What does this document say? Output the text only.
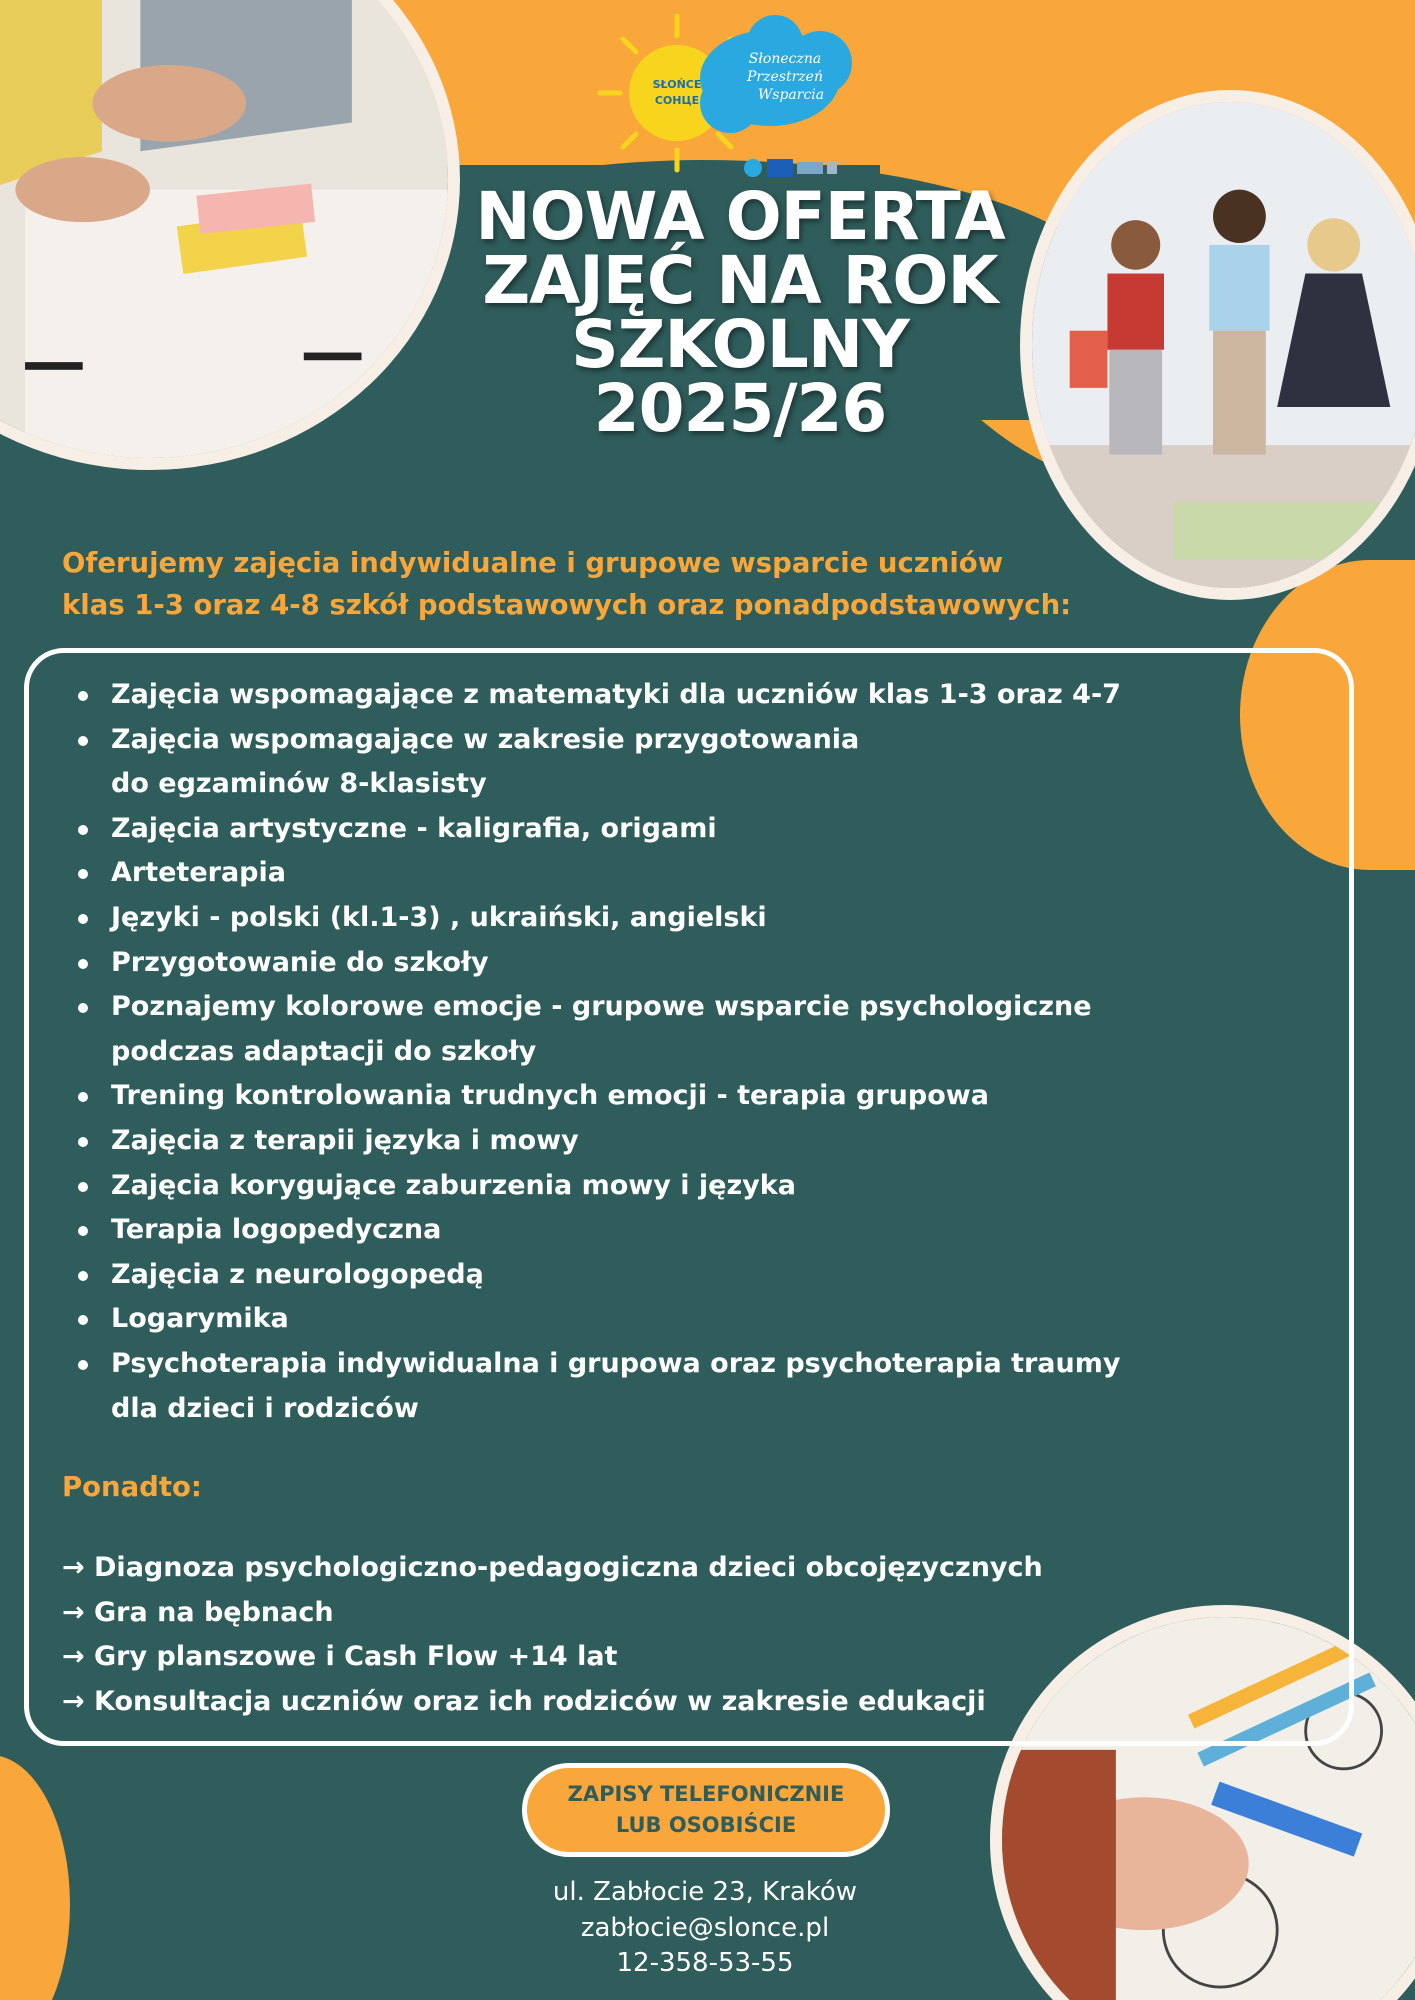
SŁOŃCE
СОНЦЕ
Słoneczna
Przestrzeń
Wsparcia
NOWA OFERTA
ZAJĘĆ NA ROK
SZKOLNY
2025/26
Oferujemy zajęcia indywidualne i grupowe wsparcie uczniów
klas 1-3 oraz 4-8 szkół podstawowych oraz ponadpodstawowych:
Zajęcia wspomagające z matematyki dla uczniów klas 1-3 oraz 4-7
Zajęcia wspomagające w zakresie przygotowania
do egzaminów 8-klasisty
Zajęcia artystyczne - kaligrafia, origami
Arteterapia
Języki - polski (kl.1-3) , ukraiński, angielski
Przygotowanie do szkoły
Poznajemy kolorowe emocje - grupowe wsparcie psychologiczne
podczas adaptacji do szkoły
Trening kontrolowania trudnych emocji - terapia grupowa
Zajęcia z terapii języka i mowy
Zajęcia korygujące zaburzenia mowy i języka
Terapia logopedyczna
Zajęcia z neurologopedą
Logarymika
Psychoterapia indywidualna i grupowa oraz psychoterapia traumy
dla dzieci i rodziców
Ponadto:
→ Diagnoza psychologiczno-pedagogiczna dzieci obcojęzycznych
→ Gra na bębnach
→ Gry planszowe i Cash Flow +14 lat
→ Konsultacja uczniów oraz ich rodziców w zakresie edukacji
ZAPISY TELEFONICZNIE LUB OSOBIŚCIE
ul. Zabłocie 23, Kraków
zabłocie@slonce.pl
12-358-53-55
